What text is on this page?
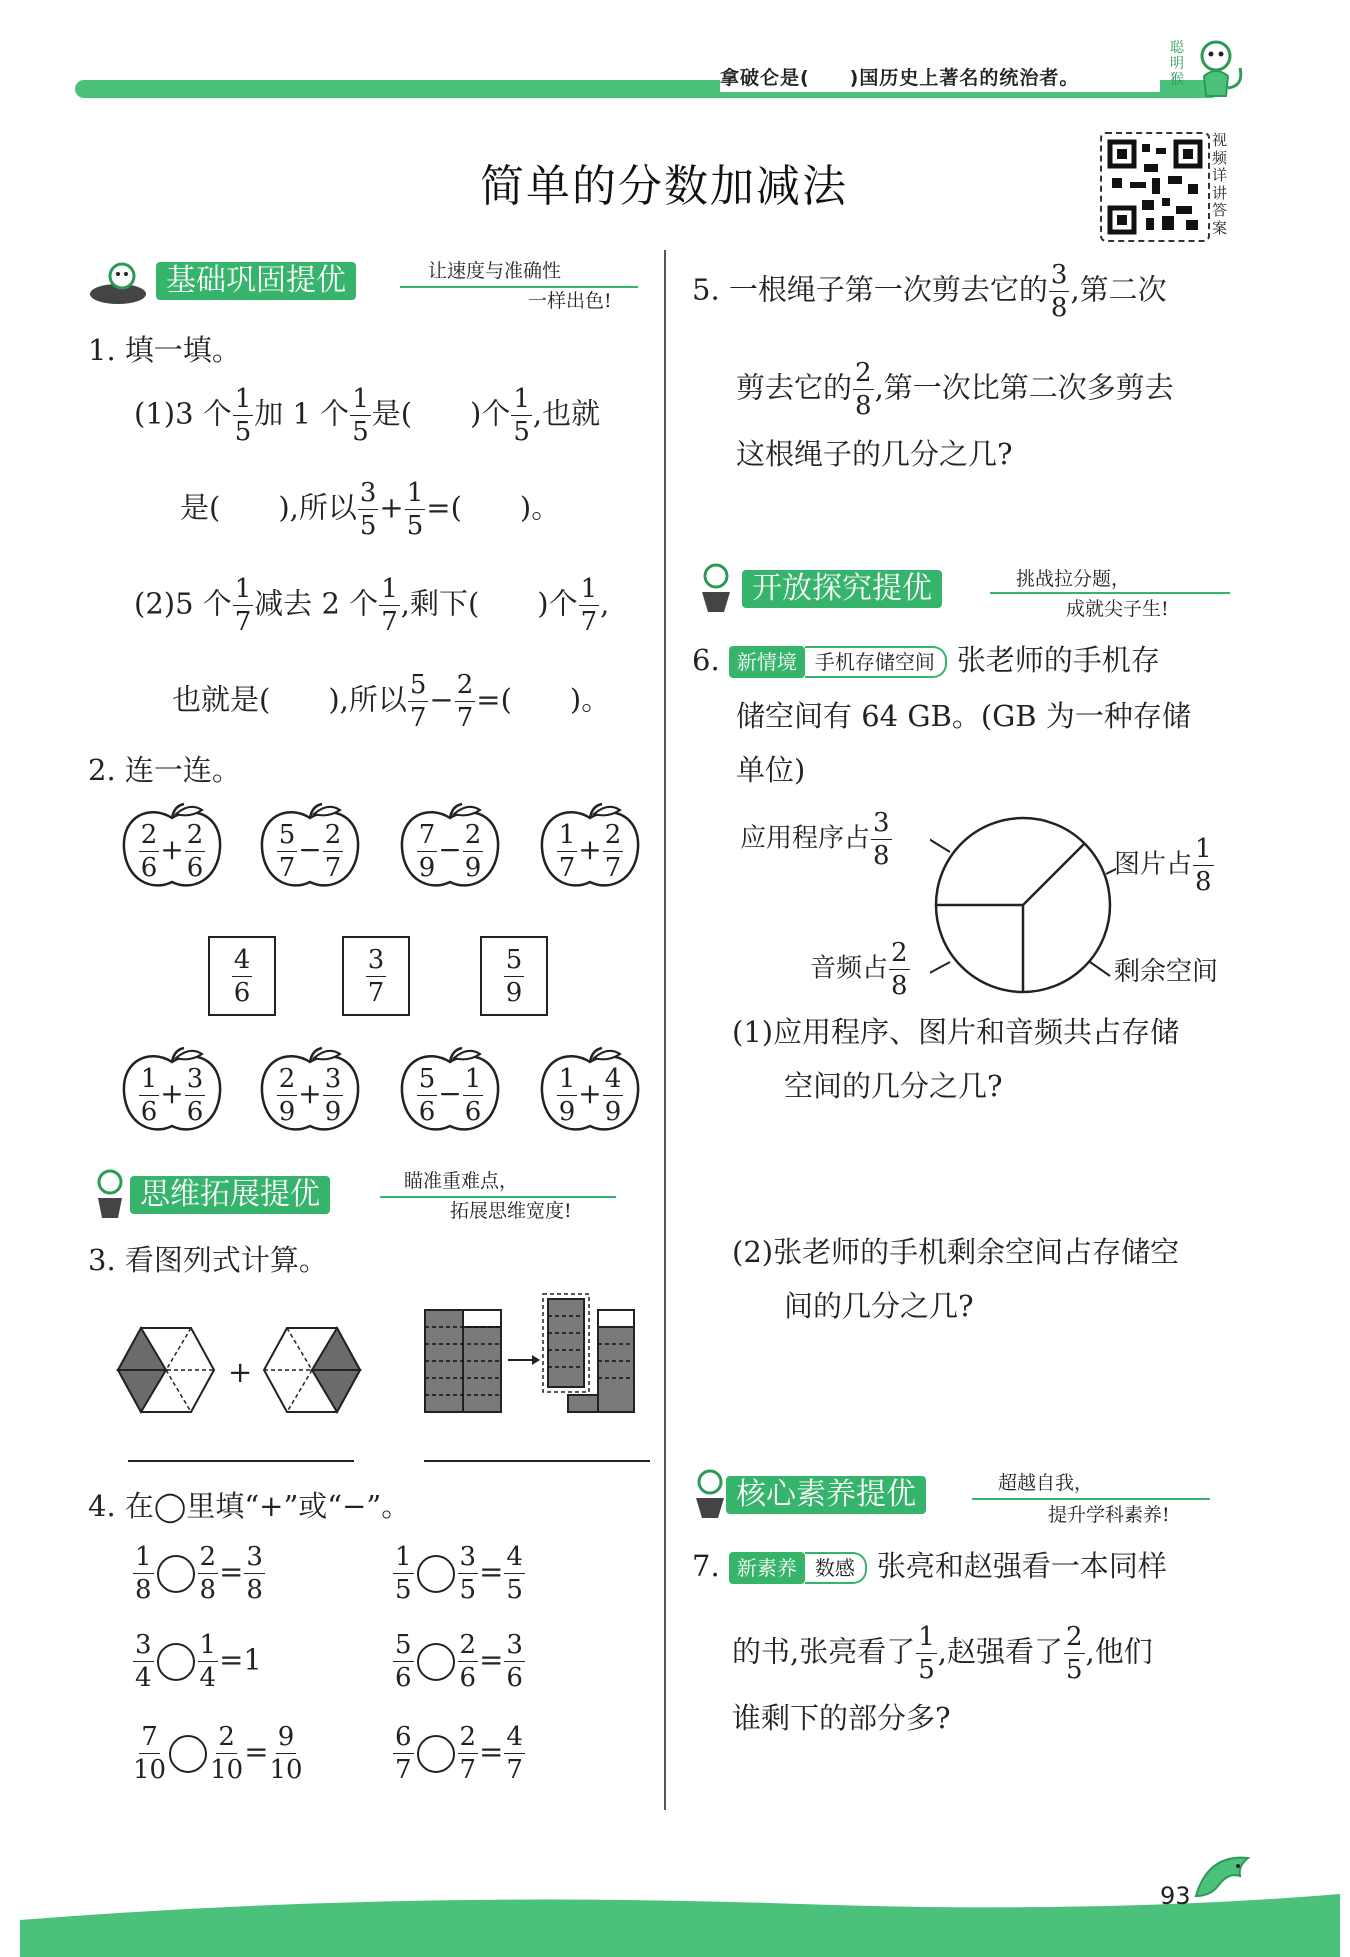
拿破仑是(　　)国历史上著名的统治者。
聪明猴
简单的分数加减法
视频详讲答案
基础巩固提优	让速度与准确性
一样出色!
1. 填一填。
(1)3 个 $\frac{1}{5}$ 加 1 个 $\frac{1}{5}$ 是(　　)个 $\frac{1}{5}$ ,也就
是(　　),所以 $\frac{3}{5} + \frac{1}{5}$ =(　　)。
(2)5 个 $\frac{1}{7}$ 减去 2 个 $\frac{1}{7}$ ,剩下(　　)个 $\frac{1}{7}$ ,
也就是(　　),所以 $\frac{5}{7} - \frac{2}{7}$ =(　　)。
2. 连一连。
$\frac{2}{6} + \frac{2}{6}$	$\frac{5}{7} - \frac{2}{7}$	$\frac{7}{9} - \frac{2}{9}$	$\frac{1}{7} + \frac{2}{7}$
$\frac{1}{6} + \frac{3}{6}$	$\frac{2}{9} + \frac{3}{9}$	$\frac{5}{6} - \frac{1}{6}$	$\frac{1}{9} + \frac{4}{9}$
$\frac{4}{6}$	$\frac{3}{7}$	$\frac{5}{9}$
思维拓展提优	瞄准重难点，
拓展思维宽度!
3. 看图列式计算。
+
4. 在◯里填“+”或“−”。
$\frac{1}{8} \frac{2}{8} = \frac{3}{8}$	$\frac{1}{5} \frac{3}{5} = \frac{4}{5}$
$\frac{3}{4} \frac{1}{4} =1$	$\frac{5}{6} \frac{2}{6} = \frac{3}{6}$
$\frac{7}{10} \frac{2}{10} = \frac{9}{10}$	$\frac{6}{7} \frac{2}{7} = \frac{4}{7}$
5. 一根绳子第一次剪去它的 $\frac{3}{8}$ ,第二次
剪去它的 $\frac{2}{8}$ ,第一次比第二次多剪去
这根绳子的几分之几?
开放探究提优	挑战拉分题，
成就尖子生!
6. 新情境 手机存储空间 张老师的手机存
储空间有 64 GB。(GB 为一种存储
单位)
应用程序占 $\frac{3}{8}$	图片占 $\frac{1}{8}$
音频占 $\frac{2}{8}$	剩余空间
(1)应用程序、图片和音频共占存储
空间的几分之几?
(2)张老师的手机剩余空间占存储空
间的几分之几?
核心素养提优	超越自我，
提升学科素养!
7. 新素养 数感 张亮和赵强看一本同样
的书,张亮看了 $\frac{1}{5}$ ,赵强看了 $\frac{2}{5}$ ,他们
谁剩下的部分多?
93
